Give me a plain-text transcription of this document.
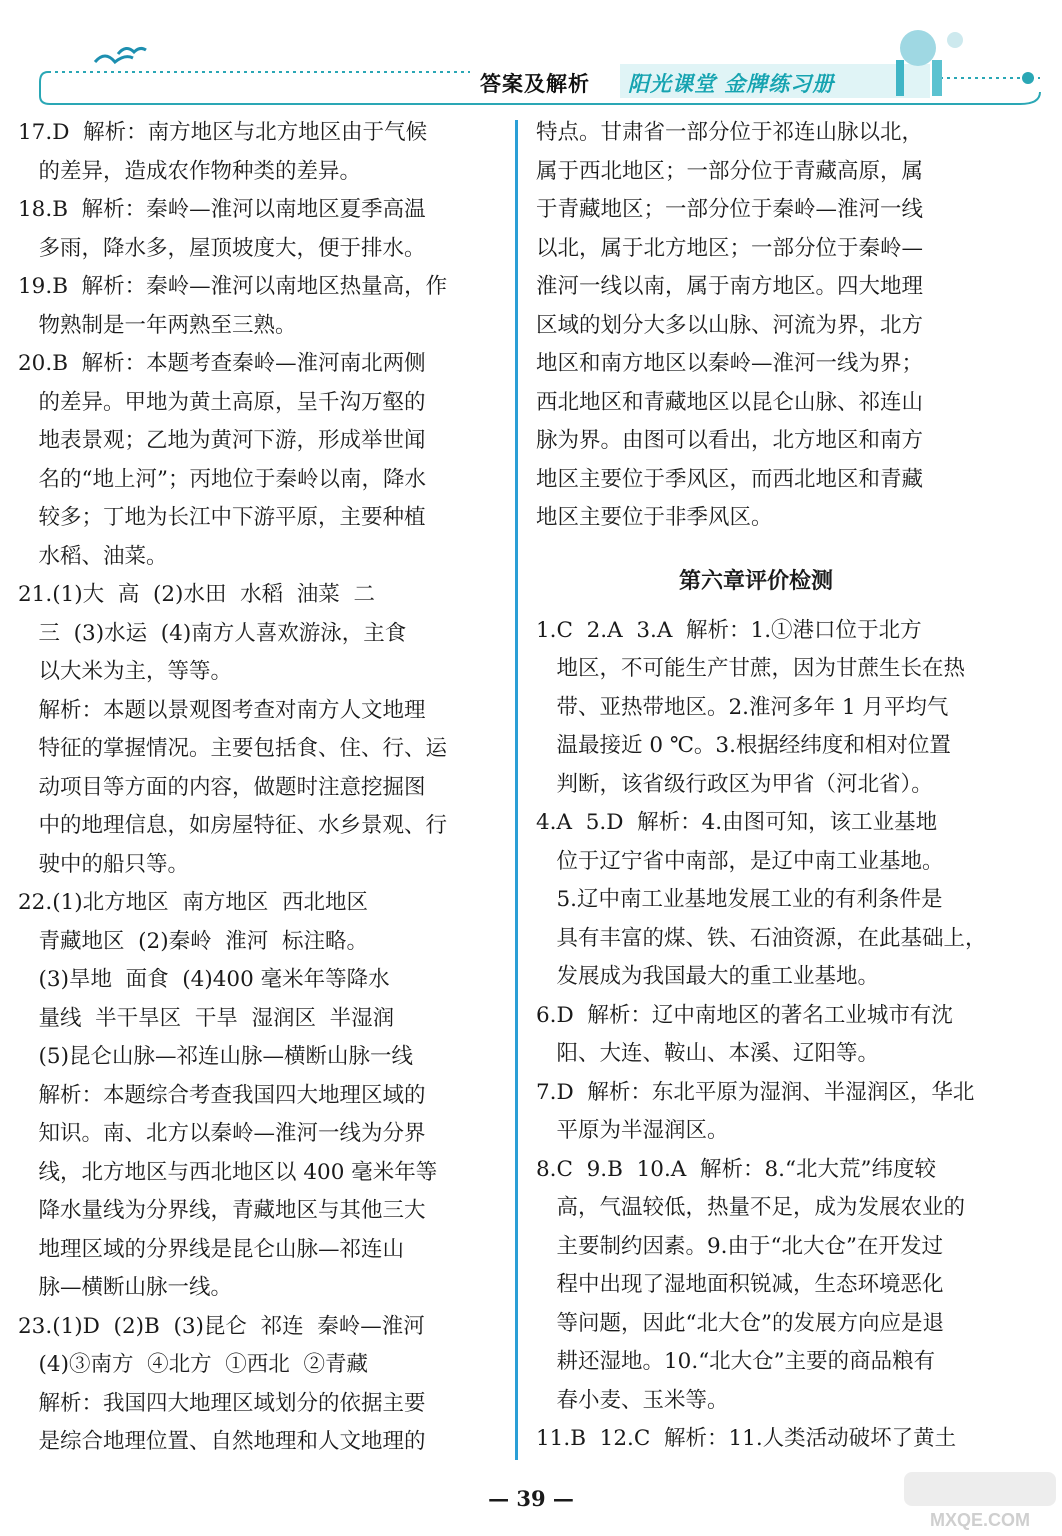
答案及解析 阳光课堂 金牌练习册
17.D  解析：南方地区与北方地区由于气候
的差异，造成农作物种类的差异。
18.B  解析：秦岭—淮河以南地区夏季高温
多雨，降水多，屋顶坡度大，便于排水。
19.B  解析：秦岭—淮河以南地区热量高，作
物熟制是一年两熟至三熟。
20.B  解析：本题考查秦岭—淮河南北两侧
的差异。甲地为黄土高原，呈千沟万壑的
地表景观；乙地为黄河下游，形成举世闻
名的“地上河”；丙地位于秦岭以南，降水
较多；丁地为长江中下游平原，主要种植
水稻、油菜。
21.(1)大  高  (2)水田  水稻  油菜  二
三  (3)水运  (4)南方人喜欢游泳，主食
以大米为主，等等。
解析：本题以景观图考查对南方人文地理
特征的掌握情况。主要包括食、住、行、运
动项目等方面的内容，做题时注意挖掘图
中的地理信息，如房屋特征、水乡景观、行
驶中的船只等。
22.(1)北方地区  南方地区  西北地区
青藏地区  (2)秦岭  淮河  标注略。
(3)旱地  面食  (4)400 毫米年等降水
量线  半干旱区  干旱  湿润区  半湿润
(5)昆仑山脉—祁连山脉—横断山脉一线
解析：本题综合考查我国四大地理区域的
知识。南、北方以秦岭—淮河一线为分界
线，北方地区与西北地区以 400 毫米年等
降水量线为分界线，青藏地区与其他三大
地理区域的分界线是昆仑山脉—祁连山
脉—横断山脉一线。
23.(1)D  (2)B  (3)昆仑  祁连  秦岭—淮河
(4)③南方  ④北方  ①西北  ②青藏
解析：我国四大地理区域划分的依据主要
是综合地理位置、自然地理和人文地理的
特点。甘肃省一部分位于祁连山脉以北，
属于西北地区；一部分位于青藏高原，属
于青藏地区；一部分位于秦岭—淮河一线
以北，属于北方地区；一部分位于秦岭—
淮河一线以南，属于南方地区。四大地理
区域的划分大多以山脉、河流为界，北方
地区和南方地区以秦岭—淮河一线为界；
西北地区和青藏地区以昆仑山脉、祁连山
脉为界。由图可以看出，北方地区和南方
地区主要位于季风区，而西北地区和青藏
地区主要位于非季风区。
第六章评价检测
1.C  2.A  3.A  解析：1.①港口位于北方
地区，不可能生产甘蔗，因为甘蔗生长在热
带、亚热带地区。2.淮河多年 1 月平均气
温最接近 0 ℃。3.根据经纬度和相对位置
判断，该省级行政区为甲省（河北省）。
4.A  5.D  解析：4.由图可知，该工业基地
位于辽宁省中南部，是辽中南工业基地。
5.辽中南工业基地发展工业的有利条件是
具有丰富的煤、铁、石油资源，在此基础上，
发展成为我国最大的重工业基地。
6.D  解析：辽中南地区的著名工业城市有沈
阳、大连、鞍山、本溪、辽阳等。
7.D  解析：东北平原为湿润、半湿润区，华北
平原为半湿润区。
8.C  9.B  10.A  解析：8.“北大荒”纬度较
高，气温较低，热量不足，成为发展农业的
主要制约因素。9.由于“北大仓”在开发过
程中出现了湿地面积锐减，生态环境恶化
等问题，因此“北大仓”的发展方向应是退
耕还湿地。10.“北大仓”主要的商品粮有
春小麦、玉米等。
11.B  12.C  解析：11.人类活动破坏了黄土
— 39 —
MXQE.COM
